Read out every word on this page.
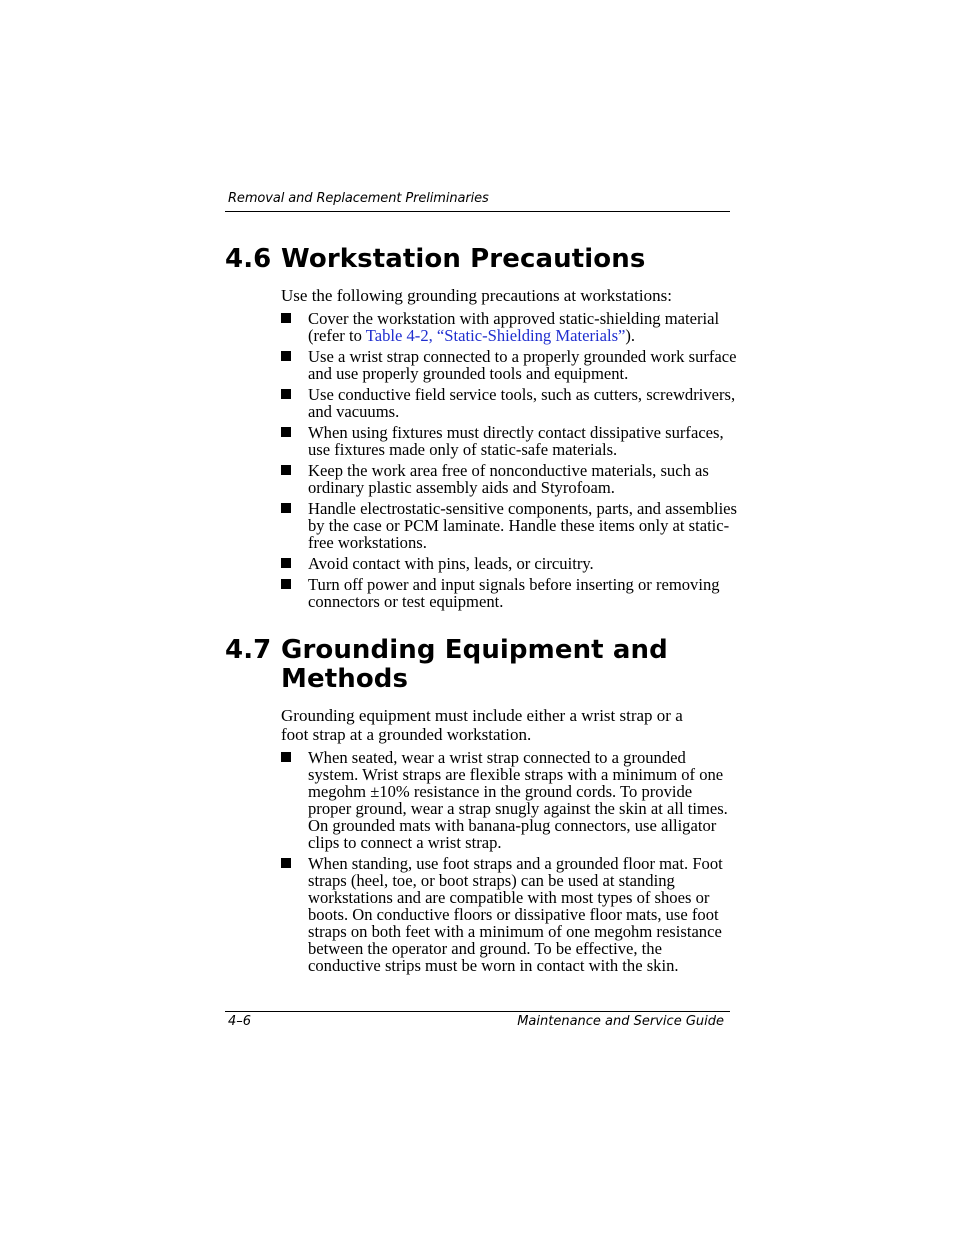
Removal and Replacement Preliminaries
4.6 Workstation Precautions
Use the following grounding precautions at workstations:
Cover the workstation with approved static-shielding material (refer to Table 4-2, “Static-Shielding Materials”).
Use a wrist strap connected to a properly grounded work surface and use properly grounded tools and equipment.
Use conductive field service tools, such as cutters, screwdrivers, and vacuums.
When using fixtures must directly contact dissipative surfaces, use fixtures made only of static-safe materials.
Keep the work area free of nonconductive materials, such as ordinary plastic assembly aids and Styrofoam.
Handle electrostatic-sensitive components, parts, and assemblies by the case or PCM laminate. Handle these items only at static-free workstations.
Avoid contact with pins, leads, or circuitry.
Turn off power and input signals before inserting or removing connectors or test equipment.
4.7 Grounding Equipment and Methods
Grounding equipment must include either a wrist strap or a foot strap at a grounded workstation.
When seated, wear a wrist strap connected to a grounded system. Wrist straps are flexible straps with a minimum of one megohm ±10% resistance in the ground cords. To provide proper ground, wear a strap snugly against the skin at all times. On grounded mats with banana-plug connectors, use alligator clips to connect a wrist strap.
When standing, use foot straps and a grounded floor mat. Foot straps (heel, toe, or boot straps) can be used at standing workstations and are compatible with most types of shoes or boots. On conductive floors or dissipative floor mats, use foot straps on both feet with a minimum of one megohm resistance between the operator and ground. To be effective, the conductive strips must be worn in contact with the skin.
4–6	Maintenance and Service Guide
